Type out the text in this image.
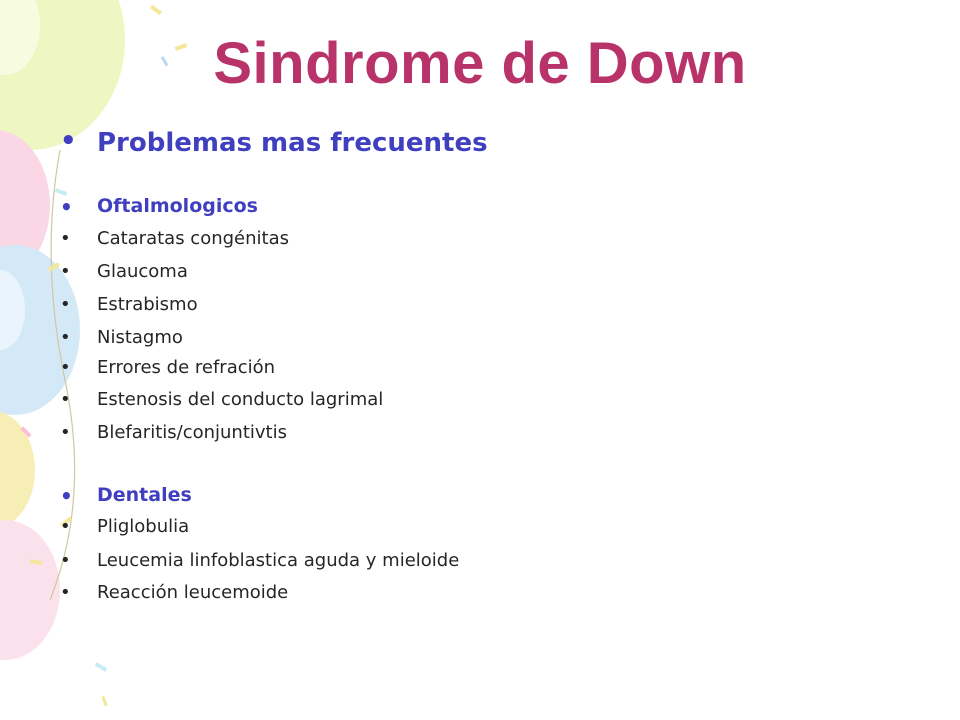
Sindrome de Down
• Problemas mas frecuentes
• Oftalmologicos
• Cataratas congénitas
• Glaucoma
• Estrabismo
• Nistagmo
• Errores de refración
• Estenosis del conducto lagrimal
• Blefaritis/conjuntivtis
• Dentales
• Pliglobulia
• Leucemia linfoblastica aguda y mieloide
• Reacción leucemoide
